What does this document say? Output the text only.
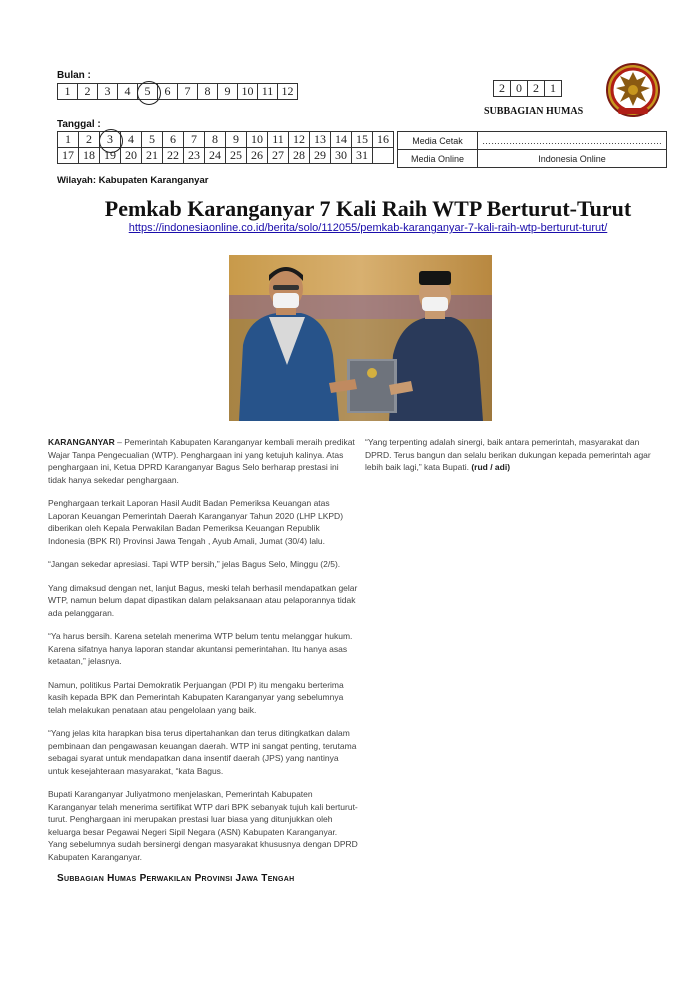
Bulan :
1	2	3	4	5	6	7	8	9	10	11	12	2	0	2	1
SUBBAGIAN HUMAS
Tanggal :
1	2	3	4	5	6	7	8	9	10	11	12	13	14	15	16
17	18	19	20	21	22	23	24	25	26	27	28	29	30	31	
Media Cetak	……………………………………………………
Media Online	Indonesia Online
Wilayah: Kabupaten Karanganyar
Pemkab Karanganyar 7 Kali Raih WTP Berturut-Turut
https://indonesiaonline.co.id/berita/solo/112055/pemkab-karanganyar-7-kali-raih-wtp-berturut-turut/

KARANGANYAR – Pemerintah Kabupaten Karanganyar kembali meraih predikat Wajar Tanpa Pengecualian (WTP). Penghargaan ini yang ketujuh kalinya. Atas penghargaan ini, Ketua DPRD Karanganyar Bagus Selo berharap prestasi ini tidak hanya sekedar penghargaan.

Penghargaan terkait Laporan Hasil Audit Badan Pemeriksa Keuangan atas Laporan Keuangan Pemerintah Daerah Karanganyar Tahun 2020 (LHP LKPD) diberikan oleh Kepala Perwakilan Badan Pemeriksa Keuangan Republik Indonesia (BPK RI) Provinsi Jawa Tengah , Ayub Amali, Jumat (30/4) lalu.

“Jangan sekedar apresiasi. Tapi WTP bersih,” jelas Bagus Selo, Minggu (2/5).

Yang dimaksud dengan net, lanjut Bagus, meski telah berhasil mendapatkan gelar WTP, namun belum dapat dipastikan dalam pelaksanaan atau pelaporannya tidak ada pelanggaran.

“Ya harus bersih. Karena setelah menerima WTP belum tentu melanggar hukum. Karena sifatnya hanya laporan standar akuntansi pemerintahan. Itu hanya asas ketaatan,” jelasnya.

Namun, politikus Partai Demokratik Perjuangan (PDI P) itu mengaku berterima kasih kepada BPK dan Pemerintah Kabupaten Karanganyar yang sebelumnya telah melakukan penataan atau pengelolaan yang baik.

“Yang jelas kita harapkan bisa terus dipertahankan dan terus ditingkatkan dalam pembinaan dan pengawasan keuangan daerah. WTP ini sangat penting, terutama sebagai syarat untuk mendapatkan dana insentif daerah (JPS) yang nantinya untuk kesejahteraan masyarakat, “kata Bagus.

Bupati Karanganyar Juliyatmono menjelaskan, Pemerintah Kabupaten Karanganyar telah menerima sertifikat WTP dari BPK sebanyak tujuh kali berturut-turut. Penghargaan ini merupakan prestasi luar biasa yang ditunjukkan oleh keluarga besar Pegawai Negeri Sipil Negara (ASN) Kabupaten Karanganyar. Yang sebelumnya sudah bersinergi dengan masyarakat khususnya dengan DPRD Kabupaten Karanganyar.

“Yang terpenting adalah sinergi, baik antara pemerintah, masyarakat dan DPRD. Terus bangun dan selalu berikan dukungan kepada pemerintah agar lebih baik lagi,” kata Bupati. (rud / adi)

Subbagian Humas Perwakilan Provinsi Jawa Tengah
